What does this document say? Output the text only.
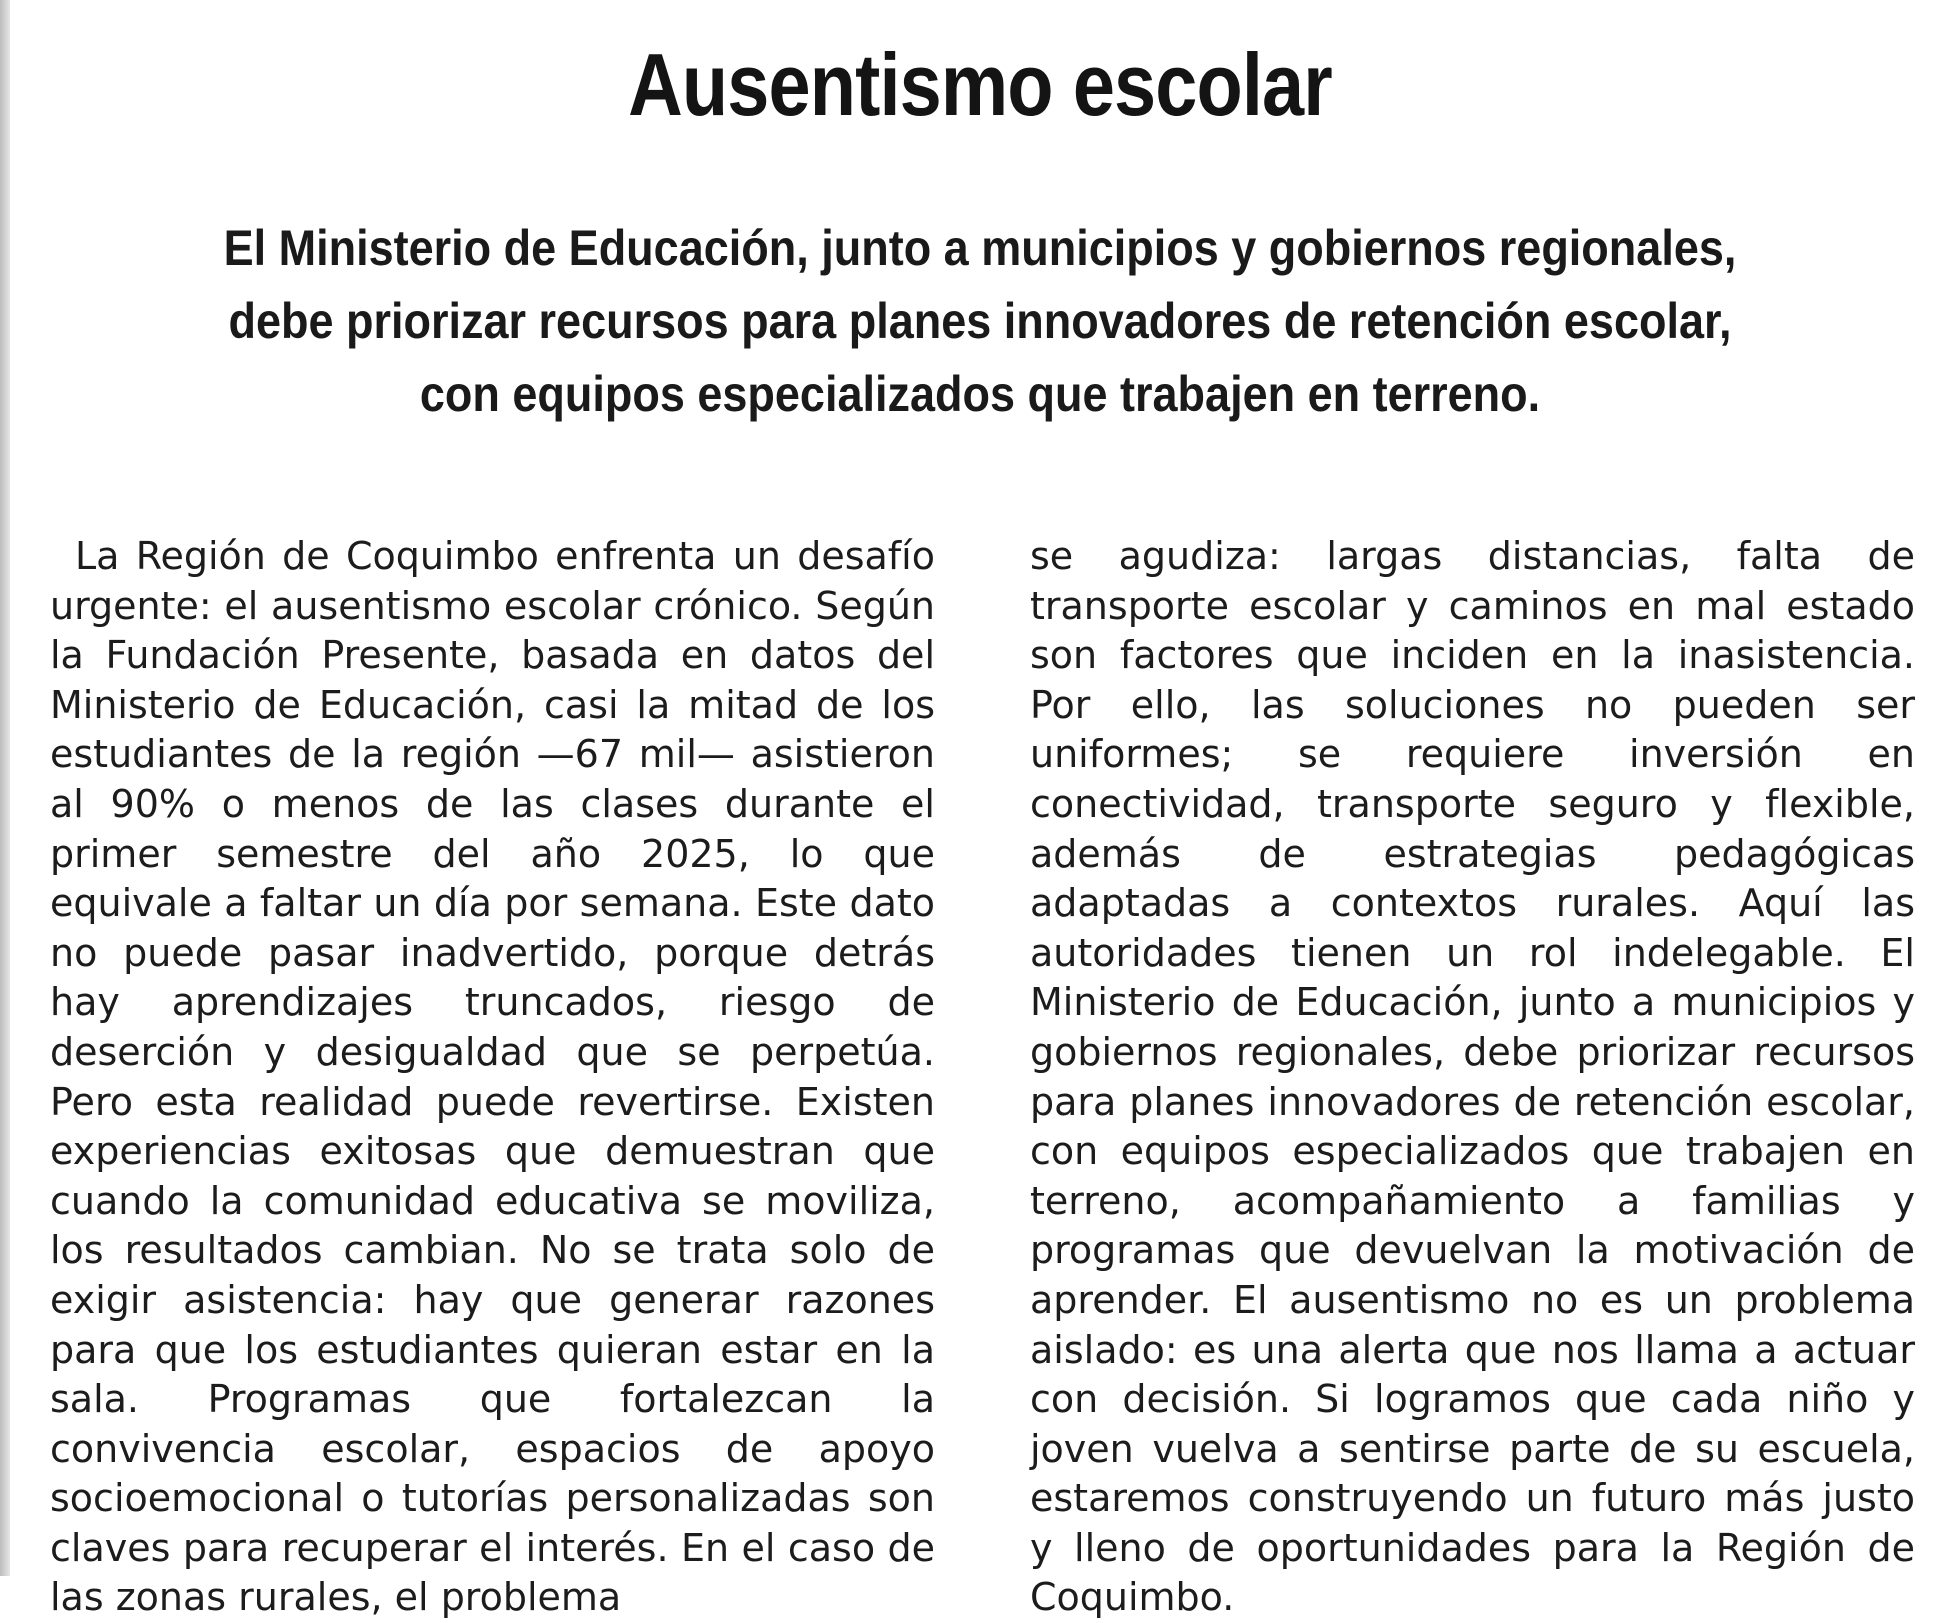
Ausentismo escolar

El Ministerio de Educación, junto a municipios y gobiernos regionales, debe priorizar recursos para planes innovadores de retención escolar, con equipos especializados que trabajen en terreno.

La Región de Coquimbo enfrenta un desafío urgente: el ausentismo escolar crónico. Según la Fundación Presente, basada en datos del Ministerio de Educación, casi la mitad de los estudiantes de la región —67 mil— asistieron al 90% o menos de las clases durante el primer semestre del año 2025, lo que equivale a faltar un día por semana. Este dato no puede pasar inadvertido, porque detrás hay aprendizajes truncados, riesgo de deserción y desigualdad que se perpetúa. Pero esta realidad puede revertirse. Existen experiencias exitosas que demuestran que cuando la comunidad educativa se moviliza, los resultados cambian. No se trata solo de exigir asistencia: hay que generar razones para que los estudiantes quieran estar en la sala. Programas que fortalezcan la convivencia escolar, espacios de apoyo socioemocional o tutorías personalizadas son claves para recuperar el interés. En el caso de las zonas rurales, el problema

se agudiza: largas distancias, falta de transporte escolar y caminos en mal estado son factores que inciden en la inasistencia. Por ello, las soluciones no pueden ser uniformes; se requiere inversión en conectividad, transporte seguro y flexible, además de estrategias pedagógicas adaptadas a contextos rurales. Aquí las autoridades tienen un rol indelegable. El Ministerio de Educación, junto a municipios y gobiernos regionales, debe priorizar recursos para planes innovadores de retención escolar, con equipos especializados que trabajen en terreno, acompañamiento a familias y programas que devuelvan la motivación de aprender. El ausentismo no es un problema aislado: es una alerta que nos llama a actuar con decisión. Si logramos que cada niño y joven vuelva a sentirse parte de su escuela, estaremos construyendo un futuro más justo y lleno de oportunidades para la Región de Coquimbo.
